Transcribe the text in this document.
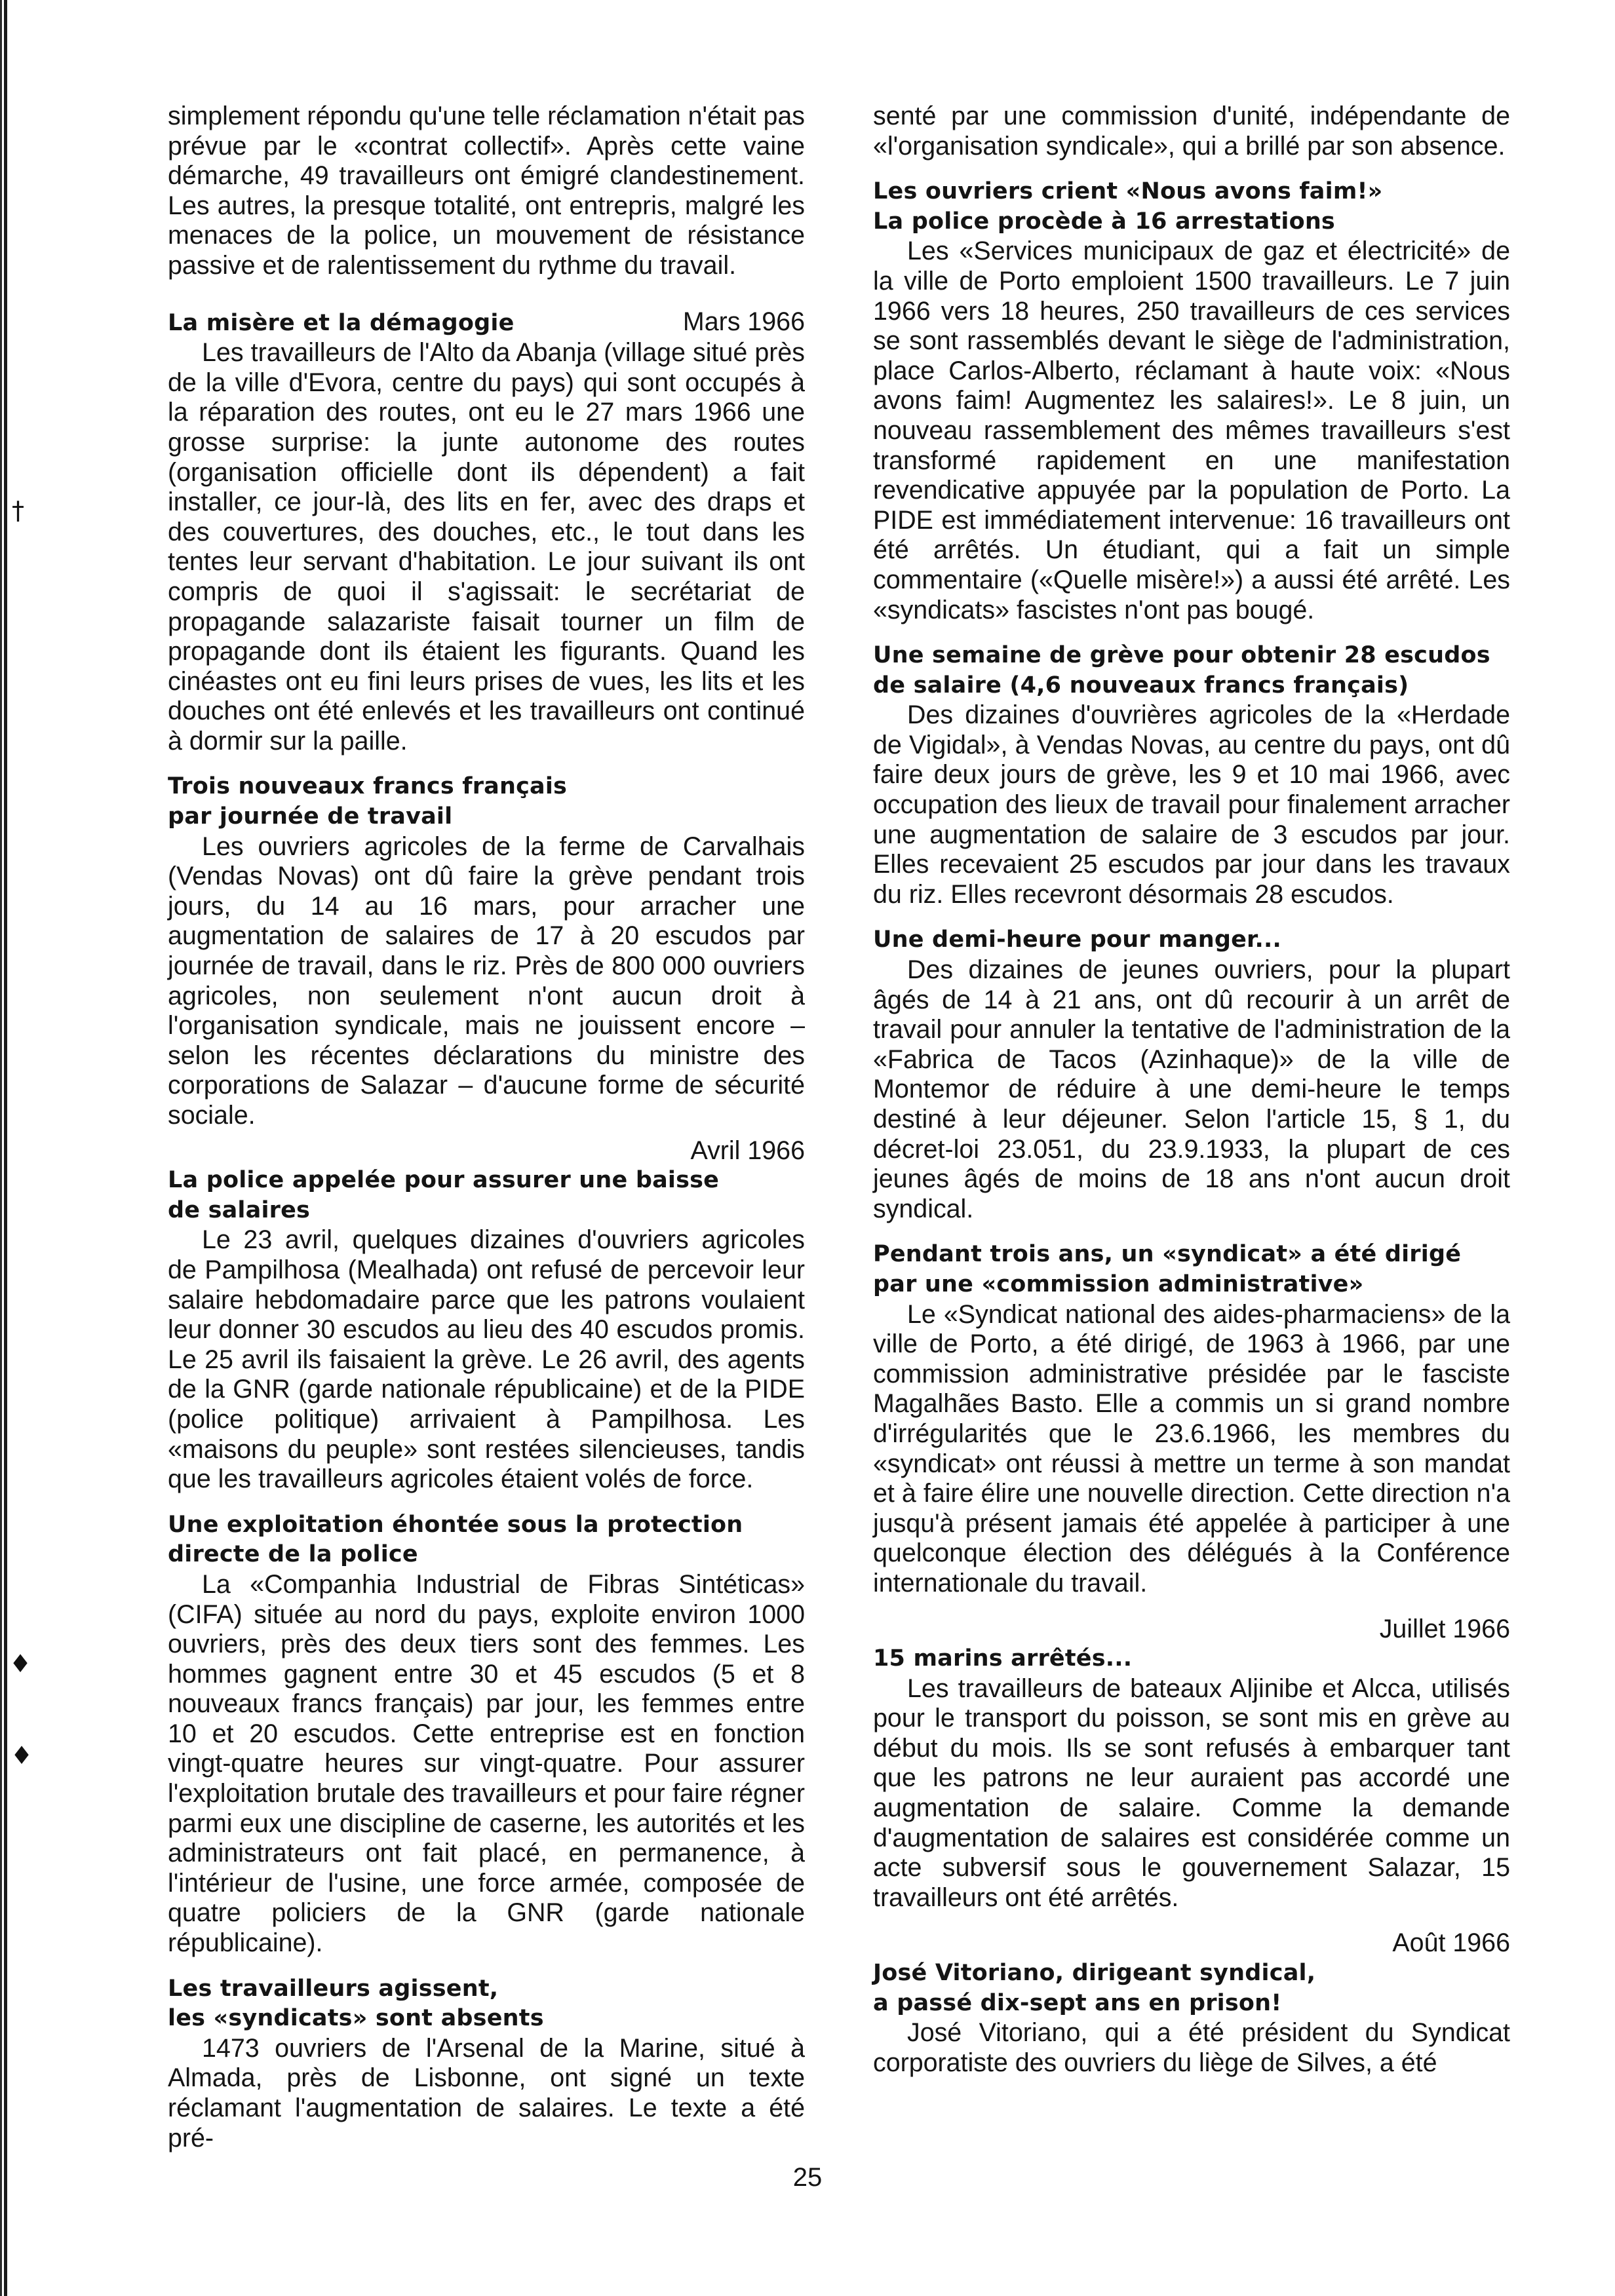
†
♦
♦

simplement répondu qu'une telle réclamation n'était pas prévue par le «contrat collectif». Après cette vaine démarche, 49 travailleurs ont émigré clandestinement. Les autres, la presque totalité, ont entrepris, malgré les menaces de la police, un mouvement de résistance passive et de ralentissement du rythme du travail.

La misère et la démagogie	Mars 1966

Les travailleurs de l'Alto da Abanja (village situé près de la ville d'Evora, centre du pays) qui sont occupés à la réparation des routes, ont eu le 27 mars 1966 une grosse surprise: la junte autonome des routes (organisation officielle dont ils dépendent) a fait installer, ce jour-là, des lits en fer, avec des draps et des couvertures, des douches, etc., le tout dans les tentes leur servant d'habitation. Le jour suivant ils ont compris de quoi il s'agissait: le secrétariat de propagande salazariste faisait tourner un film de propagande dont ils étaient les figurants. Quand les cinéastes ont eu fini leurs prises de vues, les lits et les douches ont été enlevés et les travailleurs ont continué à dormir sur la paille.

Trois nouveaux francs français

par journée de travail

Les ouvriers agricoles de la ferme de Carvalhais (Vendas Novas) ont dû faire la grève pendant trois jours, du 14 au 16 mars, pour arracher une augmentation de salaires de 17 à 20 escudos par journée de travail, dans le riz. Près de 800 000 ouvriers agricoles, non seulement n'ont aucun droit à l'organisation syndicale, mais ne jouissent encore – selon les récentes déclarations du ministre des corporations de Salazar – d'aucune forme de sécurité sociale.

Avril 1966

La police appelée pour assurer une baisse

de salaires

Le 23 avril, quelques dizaines d'ouvriers agricoles de Pampilhosa (Mealhada) ont refusé de percevoir leur salaire hebdomadaire parce que les patrons voulaient leur donner 30 escudos au lieu des 40 escudos promis. Le 25 avril ils faisaient la grève. Le 26 avril, des agents de la GNR (garde nationale républicaine) et de la PIDE (police politique) arrivaient à Pampilhosa. Les «maisons du peuple» sont restées silencieuses, tandis que les travailleurs agricoles étaient volés de force.

Une exploitation éhontée sous la protection

directe de la police

La «Companhia Industrial de Fibras Sintéticas» (CIFA) située au nord du pays, exploite environ 1000 ouvriers, près des deux tiers sont des femmes. Les hommes gagnent entre 30 et 45 escudos (5 et 8 nouveaux francs français) par jour, les femmes entre 10 et 20 escudos. Cette entreprise est en fonction vingt-quatre heures sur vingt-quatre. Pour assurer l'exploitation brutale des travailleurs et pour faire régner parmi eux une discipline de caserne, les autorités et les administrateurs ont fait placé, en permanence, à l'intérieur de l'usine, une force armée, composée de quatre policiers de la GNR (garde nationale républicaine).

Les travailleurs agissent,

les «syndicats» sont absents

1473 ouvriers de l'Arsenal de la Marine, situé à Almada, près de Lisbonne, ont signé un texte réclamant l'augmentation de salaires. Le texte a été pré-

senté par une commission d'unité, indépendante de «l'organisation syndicale», qui a brillé par son absence.

Les ouvriers crient «Nous avons faim!»

La police procède à 16 arrestations

Les «Services municipaux de gaz et électricité» de la ville de Porto emploient 1500 travailleurs. Le 7 juin 1966 vers 18 heures, 250 travailleurs de ces services se sont rassemblés devant le siège de l'administration, place Carlos-Alberto, réclamant à haute voix: «Nous avons faim! Augmentez les salaires!». Le 8 juin, un nouveau rassemblement des mêmes travailleurs s'est transformé rapidement en une manifestation revendicative appuyée par la population de Porto. La PIDE est immédiatement intervenue: 16 travailleurs ont été arrêtés. Un étudiant, qui a fait un simple commentaire («Quelle misère!») a aussi été arrêté. Les «syndicats» fascistes n'ont pas bougé.

Une semaine de grève pour obtenir 28 escudos

de salaire (4,6 nouveaux francs français)

Des dizaines d'ouvrières agricoles de la «Herdade de Vigidal», à Vendas Novas, au centre du pays, ont dû faire deux jours de grève, les 9 et 10 mai 1966, avec occupation des lieux de travail pour finalement arracher une augmentation de salaire de 3 escudos par jour. Elles recevaient 25 escudos par jour dans les travaux du riz. Elles recevront désormais 28 escudos.

Une demi-heure pour manger...

Des dizaines de jeunes ouvriers, pour la plupart âgés de 14 à 21 ans, ont dû recourir à un arrêt de travail pour annuler la tentative de l'administration de la «Fabrica de Tacos (Azinhaque)» de la ville de Montemor de réduire à une demi-heure le temps destiné à leur déjeuner. Selon l'article 15, § 1, du décret-loi 23.051, du 23.9.1933, la plupart de ces jeunes âgés de moins de 18 ans n'ont aucun droit syndical.

Pendant trois ans, un «syndicat» a été dirigé

par une «commission administrative»

Le «Syndicat national des aides-pharmaciens» de la ville de Porto, a été dirigé, de 1963 à 1966, par une commission administrative présidée par le fasciste Magalhães Basto. Elle a commis un si grand nombre d'irrégularités que le 23.6.1966, les membres du «syndicat» ont réussi à mettre un terme à son mandat et à faire élire une nouvelle direction. Cette direction n'a jusqu'à présent jamais été appelée à participer à une quelconque élection des délégués à la Conférence internationale du travail.

Juillet 1966

15 marins arrêtés...

Les travailleurs de bateaux Aljinibe et Alcca, utilisés pour le transport du poisson, se sont mis en grève au début du mois. Ils se sont refusés à embarquer tant que les patrons ne leur auraient pas accordé une augmentation de salaire. Comme la demande d'augmentation de salaires est considérée comme un acte subversif sous le gouvernement Salazar, 15 travailleurs ont été arrêtés.

Août 1966

José Vitoriano, dirigeant syndical,

a passé dix-sept ans en prison!

José Vitoriano, qui a été président du Syndicat corporatiste des ouvriers du liège de Silves, a été

25
